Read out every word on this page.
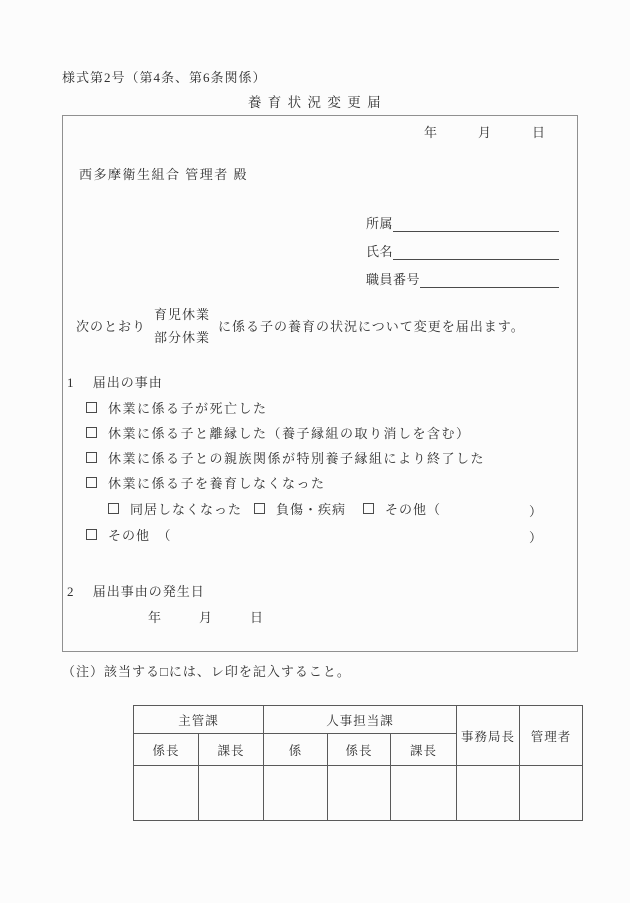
様式第2号（第4条、第6条関係）
養 育 状 況 変 更 届
年	月	日
西多摩衛生組合 管理者 殿
所属
氏名
職員番号
次のとおり
育児休業
部分休業
に係る子の養育の状況について変更を届出ます。
1 届出の事由
休業に係る子が死亡した
休業に係る子と離縁した（養子縁組の取り消しを含む）
休業に係る子との親族関係が特別養子縁組により終了した
休業に係る子を養育しなくなった
同居しなくなった	負傷・疾病	その他（	）
その他　（	）
2 届出事由の発生日
年	月	日
（注）該当する□には、レ印を記入すること。
主管課		人事担当課			事務局長	管理者
係長	課長	係	係長	課長		
